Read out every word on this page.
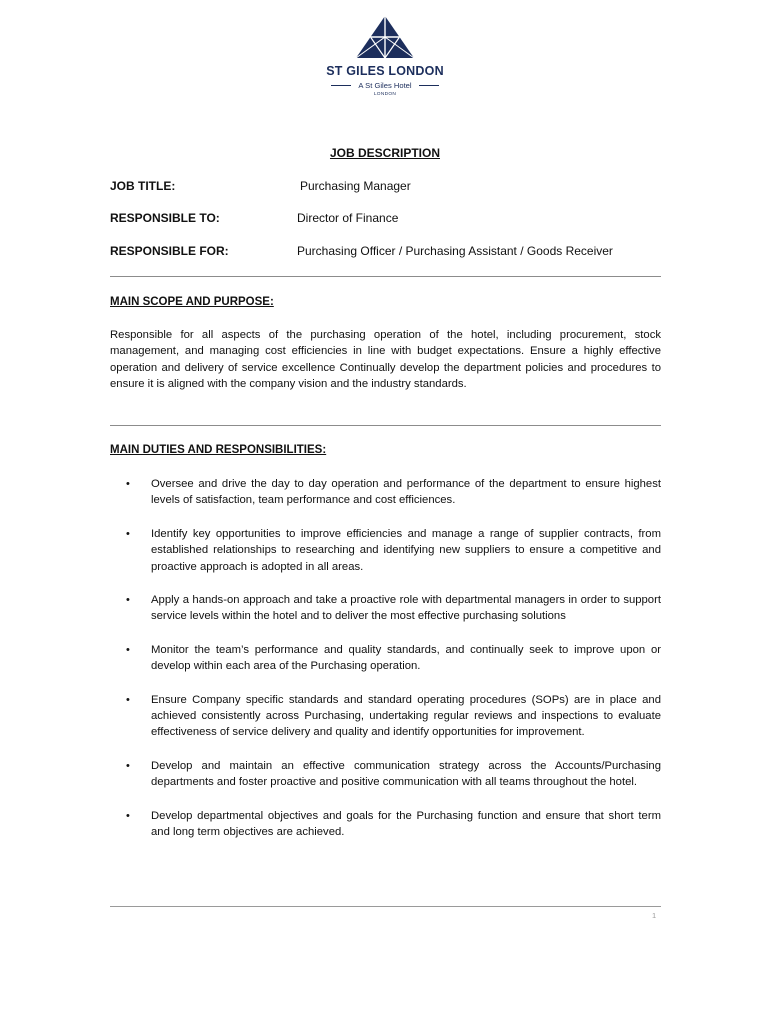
ST GILES LONDON
A St Giles Hotel
LONDON
JOB DESCRIPTION
JOB TITLE:	Purchasing Manager
RESPONSIBLE TO:	Director of Finance
RESPONSIBLE FOR:	Purchasing Officer / Purchasing Assistant / Goods Receiver
MAIN SCOPE AND PURPOSE:

Responsible for all aspects of the purchasing operation of the hotel, including procurement, stock management, and managing cost efficiencies in line with budget expectations. Ensure a highly effective operation and delivery of service excellence Continually develop the department policies and procedures to ensure it is aligned with the company vision and the industry standards.

MAIN DUTIES AND RESPONSIBILITIES:
• Oversee and drive the day to day operation and performance of the department to ensure highest levels of satisfaction, team performance and cost efficiences.
• Identify key opportunities to improve efficiencies and manage a range of supplier contracts, from established relationships to researching and identifying new suppliers to ensure a competitive and proactive approach is adopted in all areas.
• Apply a hands-on approach and take a proactive role with departmental managers in order to support service levels within the hotel and to deliver the most effective purchasing solutions
• Monitor the team’s performance and quality standards, and continually seek to improve upon or develop within each area of the Purchasing operation.
• Ensure Company specific standards and standard operating procedures (SOPs) are in place and achieved consistently across Purchasing, undertaking regular reviews and inspections to evaluate effectiveness of service delivery and quality and identify opportunities for improvement.
• Develop and maintain an effective communication strategy across the Accounts/Purchasing departments and foster proactive and positive communication with all teams throughout the hotel.
• Develop departmental objectives and goals for the Purchasing function and ensure that short term and long term objectives are achieved.
1
